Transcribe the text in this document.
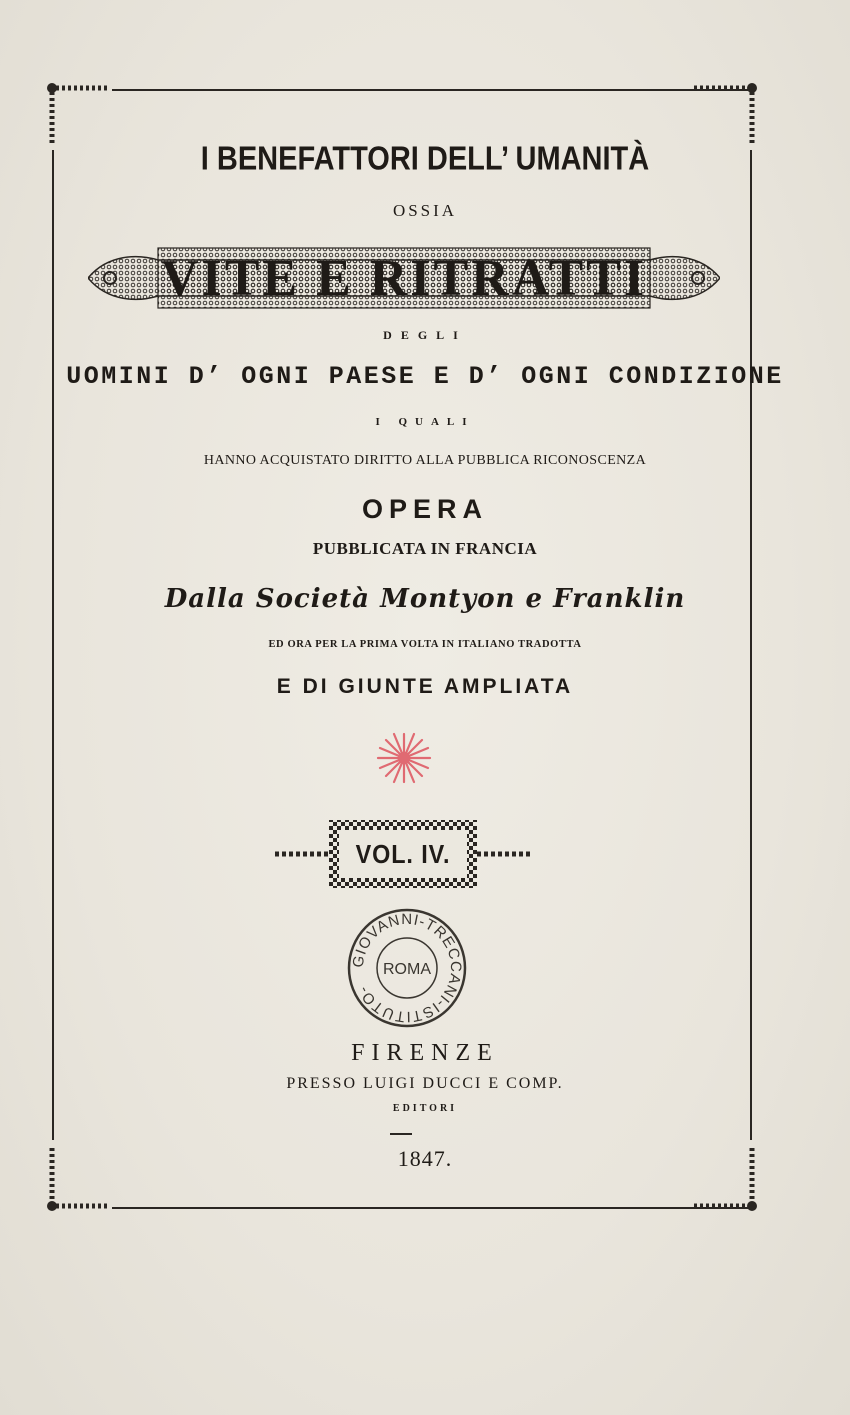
I BENEFATTORI DELL’ UMANITÀ
OSSIA
VITE E RITRATTI
DEGLI
UOMINI D’ OGNI PAESE E D’ OGNI CONDIZIONE
I QUALI
HANNO ACQUISTATO DIRITTO ALLA PUBBLICA RICONOSCENZA
OPERA
PUBBLICATA IN FRANCIA
Dalla Società Montyon e Franklin
ED ORA PER LA PRIMA VOLTA IN ITALIANO TRADOTTA
E DI GIUNTE AMPLIATA
VOL. IV.
GIOVANNI-TRECCANI-ISTITUTO-
ROMA
FIRENZE
PRESSO LUIGI DUCCI E COMP.
EDITORI
1847.
